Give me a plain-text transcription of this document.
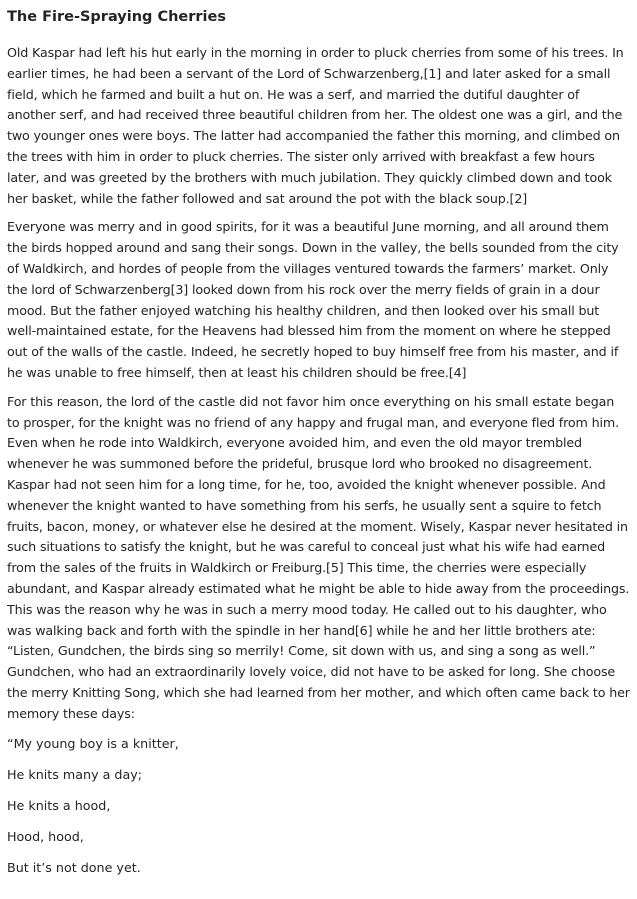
The Fire-Spraying Cherries

Old Kaspar had left his hut early in the morning in order to pluck cherries from some of his trees. In earlier times, he had been a servant of the Lord of Schwarzenberg,[1] and later asked for a small field, which he farmed and built a hut on. He was a serf, and married the dutiful daughter of another serf, and had received three beautiful children from her. The oldest one was a girl, and the two younger ones were boys. The latter had accompanied the father this morning, and climbed on the trees with him in order to pluck cherries. The sister only arrived with breakfast a few hours later, and was greeted by the brothers with much jubilation. They quickly climbed down and took her basket, while the father followed and sat around the pot with the black soup.[2]

Everyone was merry and in good spirits, for it was a beautiful June morning, and all around them the birds hopped around and sang their songs. Down in the valley, the bells sounded from the city of Waldkirch, and hordes of people from the villages ventured towards the farmers’ market. Only the lord of Schwarzenberg[3] looked down from his rock over the merry fields of grain in a dour mood. But the father enjoyed watching his healthy children, and then looked over his small but well-maintained estate, for the Heavens had blessed him from the moment on where he stepped out of the walls of the castle. Indeed, he secretly hoped to buy himself free from his master, and if he was unable to free himself, then at least his children should be free.[4]

For this reason, the lord of the castle did not favor him once everything on his small estate began to prosper, for the knight was no friend of any happy and frugal man, and everyone fled from him. Even when he rode into Waldkirch, everyone avoided him, and even the old mayor trembled whenever he was summoned before the prideful, brusque lord who brooked no disagreement. Kaspar had not seen him for a long time, for he, too, avoided the knight whenever possible. And whenever the knight wanted to have something from his serfs, he usually sent a squire to fetch fruits, bacon, money, or whatever else he desired at the moment. Wisely, Kaspar never hesitated in such situations to satisfy the knight, but he was careful to conceal just what his wife had earned from the sales of the fruits in Waldkirch or Freiburg.[5] This time, the cherries were especially abundant, and Kaspar already estimated what he might be able to hide away from the proceedings. This was the reason why he was in such a merry mood today. He called out to his daughter, who was walking back and forth with the spindle in her hand[6] while he and her little brothers ate: “Listen, Gundchen, the birds sing so merrily! Come, sit down with us, and sing a song as well.” Gundchen, who had an extraordinarily lovely voice, did not have to be asked for long. She choose the merry Knitting Song, which she had learned from her mother, and which often came back to her memory these days:

“My young boy is a knitter,

He knits many a day;

He knits a hood,

Hood, hood,

But it’s not done yet.
